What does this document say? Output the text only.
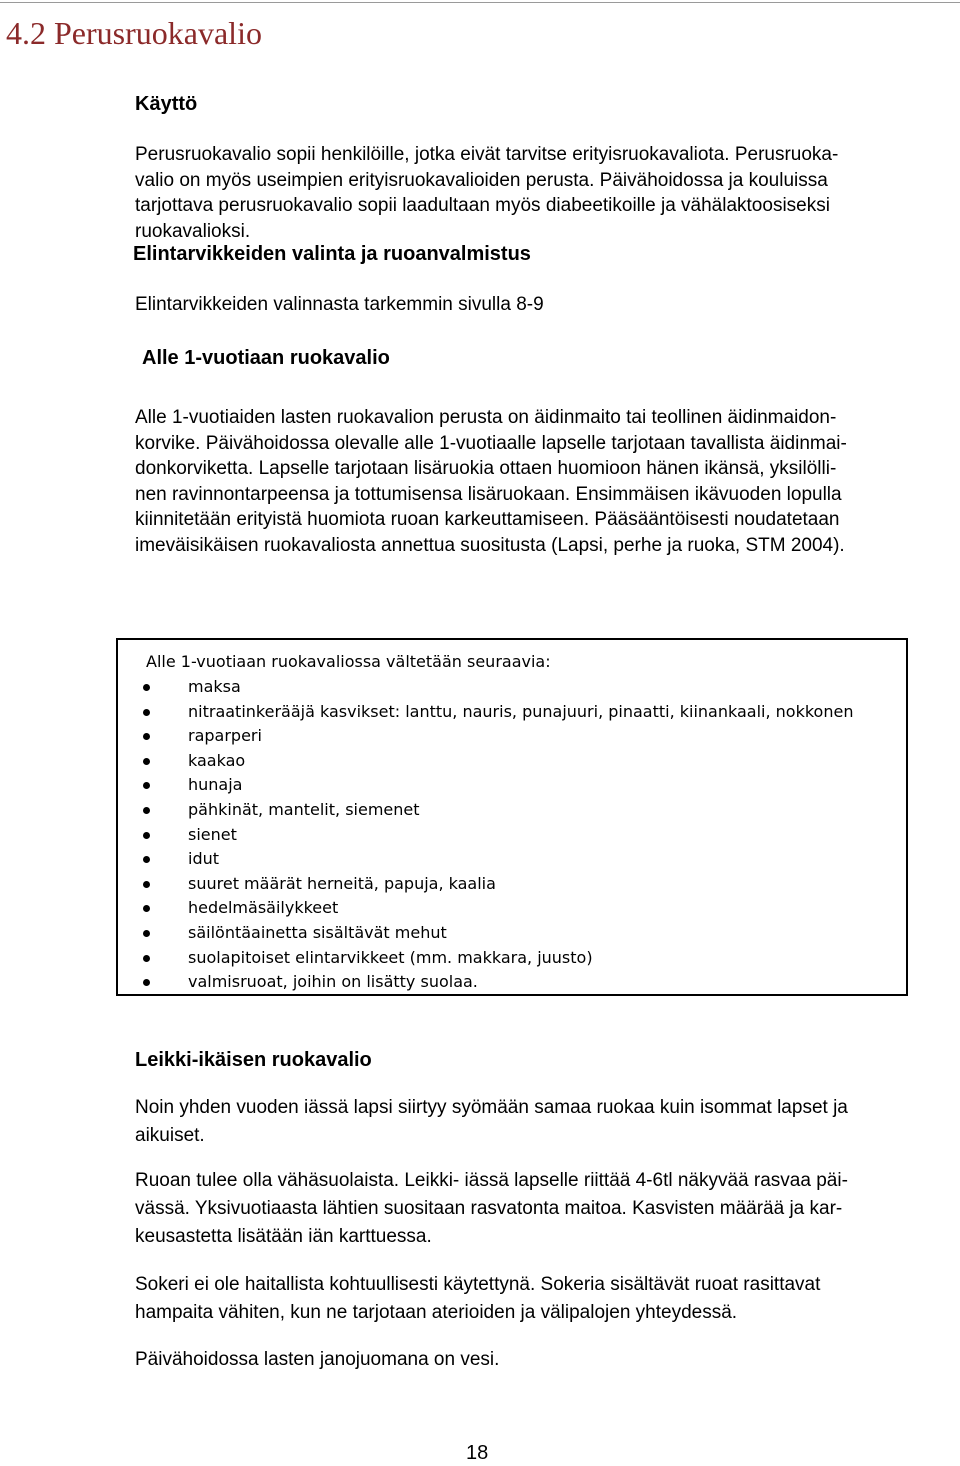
4.2 Perusruokavalio
Käyttö
Perusruokavalio sopii henkilöille, jotka eivät tarvitse erityisruokavaliota. Perusruoka-
valio on myös useimpien erityisruokavalioiden perusta. Päivähoidossa ja kouluissa
tarjottava perusruokavalio sopii laadultaan myös diabeetikoille ja vähälaktoosiseksi
ruokavalioksi.
Elintarvikkeiden valinta ja ruoanvalmistus

Elintarvikkeiden valinnasta tarkemmin sivulla 8-9

Alle 1-vuotiaan ruokavalio
Alle 1-vuotiaiden lasten ruokavalion perusta on äidinmaito tai teollinen äidinmaidon-
korvike. Päivähoidossa olevalle alle 1-vuotiaalle lapselle tarjotaan tavallista äidinmai-
donkorviketta. Lapselle tarjotaan lisäruokia ottaen huomioon hänen ikänsä, yksilölli-
nen ravinnontarpeensa ja tottumisensa lisäruokaan. Ensimmäisen ikävuoden lopulla
kiinnitetään erityistä huomiota ruoan karkeuttamiseen. Pääsääntöisesti noudatetaan
imeväisikäisen ruokavaliosta annettua suositusta (Lapsi, perhe ja ruoka, STM 2004).

Alle 1-vuotiaan ruokavaliossa vältetään seuraavia:

maksa
nitraatinkerääjä kasvikset: lanttu, nauris, punajuuri, pinaatti, kiinankaali, nokkonen
raparperi
kaakao
hunaja
pähkinät, mantelit, siemenet
sienet
idut
suuret määrät herneitä, papuja, kaalia
hedelmäsäilykkeet
säilöntäainetta sisältävät mehut
suolapitoiset elintarvikkeet (mm. makkara, juusto)
valmisruoat, joihin on lisätty suolaa.
Leikki-ikäisen ruokavalio
Noin yhden vuoden iässä lapsi siirtyy syömään samaa ruokaa kuin isommat lapset ja
aikuiset.
Ruoan tulee olla vähäsuolaista. Leikki- iässä lapselle riittää 4-6tl näkyvää rasvaa päi-
vässä. Yksivuotiaasta lähtien suositaan rasvatonta maitoa. Kasvisten määrää ja kar-
keusastetta lisätään iän karttuessa.
Sokeri ei ole haitallista kohtuullisesti käytettynä. Sokeria sisältävät ruoat rasittavat
hampaita vähiten, kun ne tarjotaan aterioiden ja välipalojen yhteydessä.
Päivähoidossa lasten janojuomana on vesi.

18
